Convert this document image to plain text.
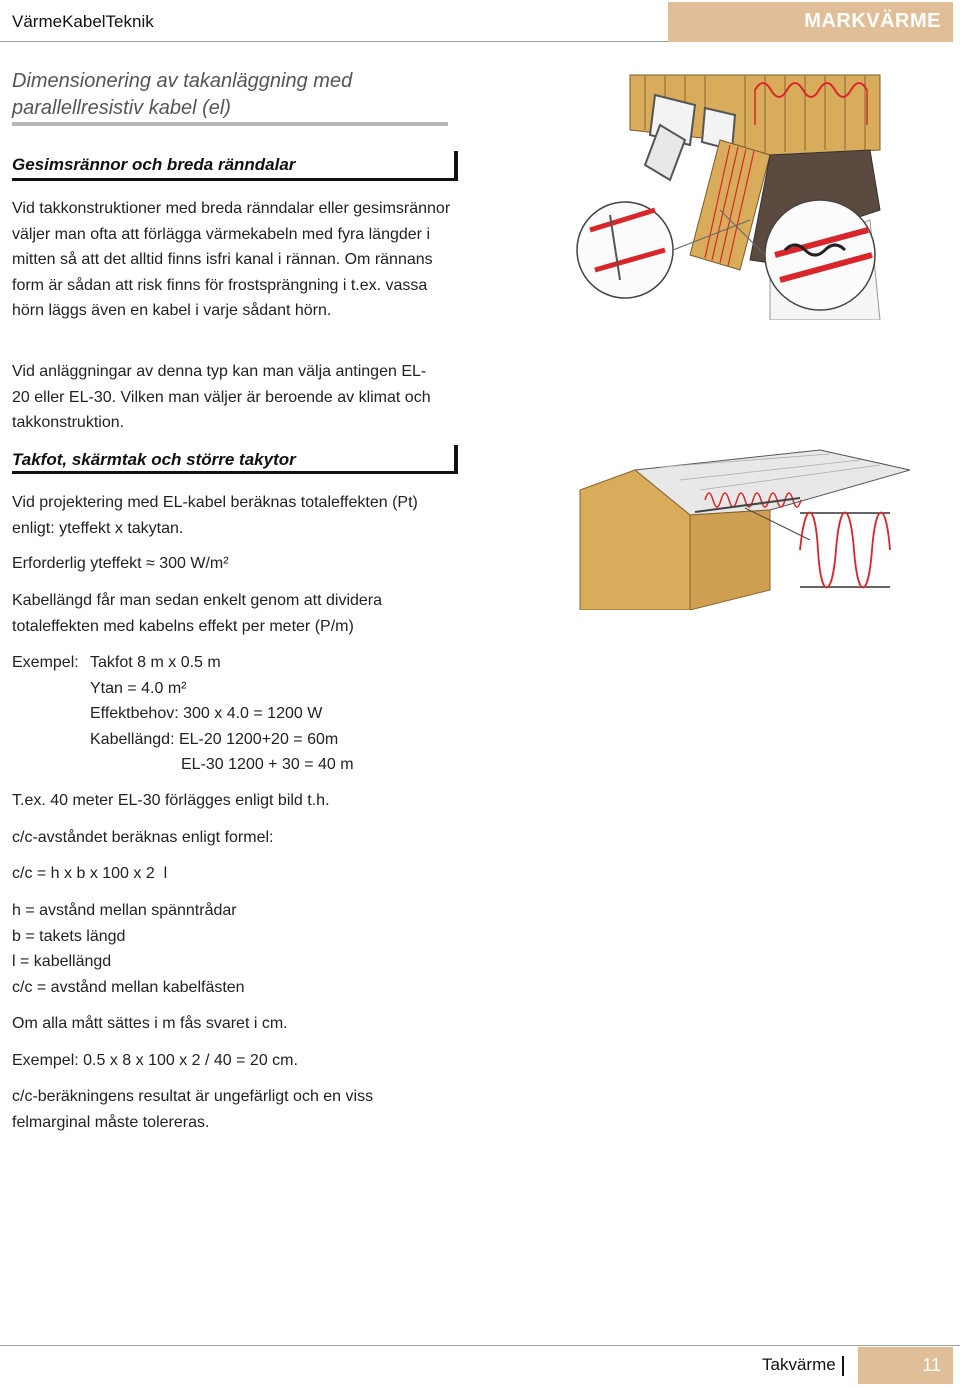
VärmeKabelTeknik	MARKVÄRME
Dimensionering av takanläggning med
parallellresistiv kabel (el)
Gesimsrännor och breda ränndalar
Vid takkonstruktioner med breda ränndalar eller gesimsrännor väljer man ofta att förlägga värmekabeln med fyra längder i mitten så att det alltid finns isfri kanal i rännan. Om rännans form är sådan att risk finns för frostsprängning i t.ex. vassa hörn läggs även en kabel i varje sådant hörn.
Vid anläggningar av denna typ kan man välja antingen EL-20 eller EL-30. Vilken man väljer är beroende av klimat och takkonstruktion.
Takfot, skärmtak och större takytor
Vid projektering med EL-kabel beräknas totaleffekten (Pt) enligt: yteffekt x takytan.
Erforderlig yteffekt ≈ 300 W/m²
Kabellängd får man sedan enkelt genom att dividera totaleffekten med kabelns effekt per meter (P/m)
Exempel: Takfot 8 m x 0.5 m
Ytan = 4.0 m²
Effektbehov: 300 x 4.0 = 1200 W
Kabellängd: EL-20 1200+20 = 60m
EL-30 1200 + 30 = 40 m
T.ex. 40 meter EL-30 förlägges enligt bild t.h.
c/c-avståndet beräknas enligt formel:
c/c = h x b x 100 x 2  l
h = avstånd mellan spänntrådar
b = takets längd
l = kabellängd
c/c = avstånd mellan kabelfästen
Om alla mått sättes i m fås svaret i cm.
Exempel: 0.5 x 8 x 100 x 2 / 40 = 20 cm.
c/c-beräkningens resultat är ungefärligt och en viss felmarginal måste tolereras.
Takvärme	11
